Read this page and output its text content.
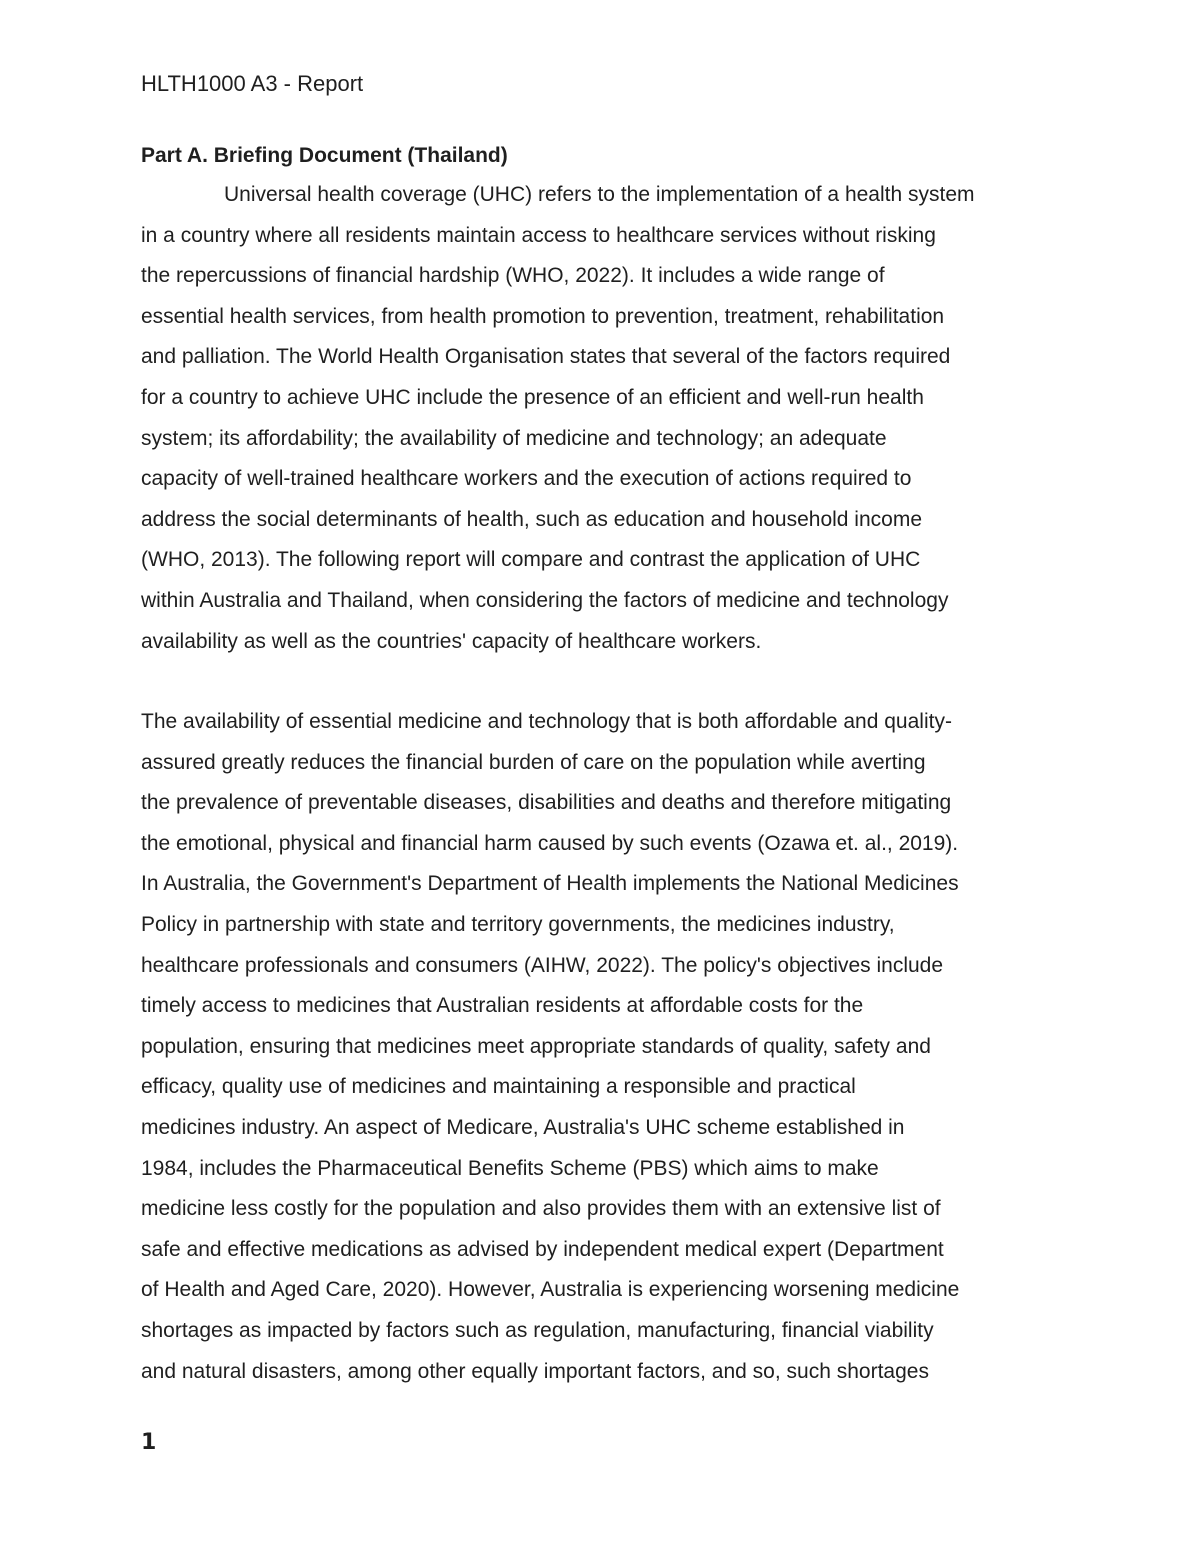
HLTH1000 A3 - Report
Part A. Briefing Document (Thailand)
Universal health coverage (UHC) refers to the implementation of a health system
in a country where all residents maintain access to healthcare services without risking
the repercussions of financial hardship (WHO, 2022). It includes a wide range of
essential health services, from health promotion to prevention, treatment, rehabilitation
and palliation. The World Health Organisation states that several of the factors required
for a country to achieve UHC include the presence of an efficient and well-run health
system; its affordability; the availability of medicine and technology; an adequate
capacity of well-trained healthcare workers and the execution of actions required to
address the social determinants of health, such as education and household income
(WHO, 2013). The following report will compare and contrast the application of UHC
within Australia and Thailand, when considering the factors of medicine and technology
availability as well as the countries' capacity of healthcare workers.
The availability of essential medicine and technology that is both affordable and quality-
assured greatly reduces the financial burden of care on the population while averting
the prevalence of preventable diseases, disabilities and deaths and therefore mitigating
the emotional, physical and financial harm caused by such events (Ozawa et. al., 2019).
In Australia, the Government's Department of Health implements the National Medicines
Policy in partnership with state and territory governments, the medicines industry,
healthcare professionals and consumers (AIHW, 2022). The policy's objectives include
timely access to medicines that Australian residents at affordable costs for the
population, ensuring that medicines meet appropriate standards of quality, safety and
efficacy, quality use of medicines and maintaining a responsible and practical
medicines industry. An aspect of Medicare, Australia's UHC scheme established in
1984, includes the Pharmaceutical Benefits Scheme (PBS) which aims to make
medicine less costly for the population and also provides them with an extensive list of
safe and effective medications as advised by independent medical expert (Department
of Health and Aged Care, 2020). However, Australia is experiencing worsening medicine
shortages as impacted by factors such as regulation, manufacturing, financial viability
and natural disasters, among other equally important factors, and so, such shortages
1
